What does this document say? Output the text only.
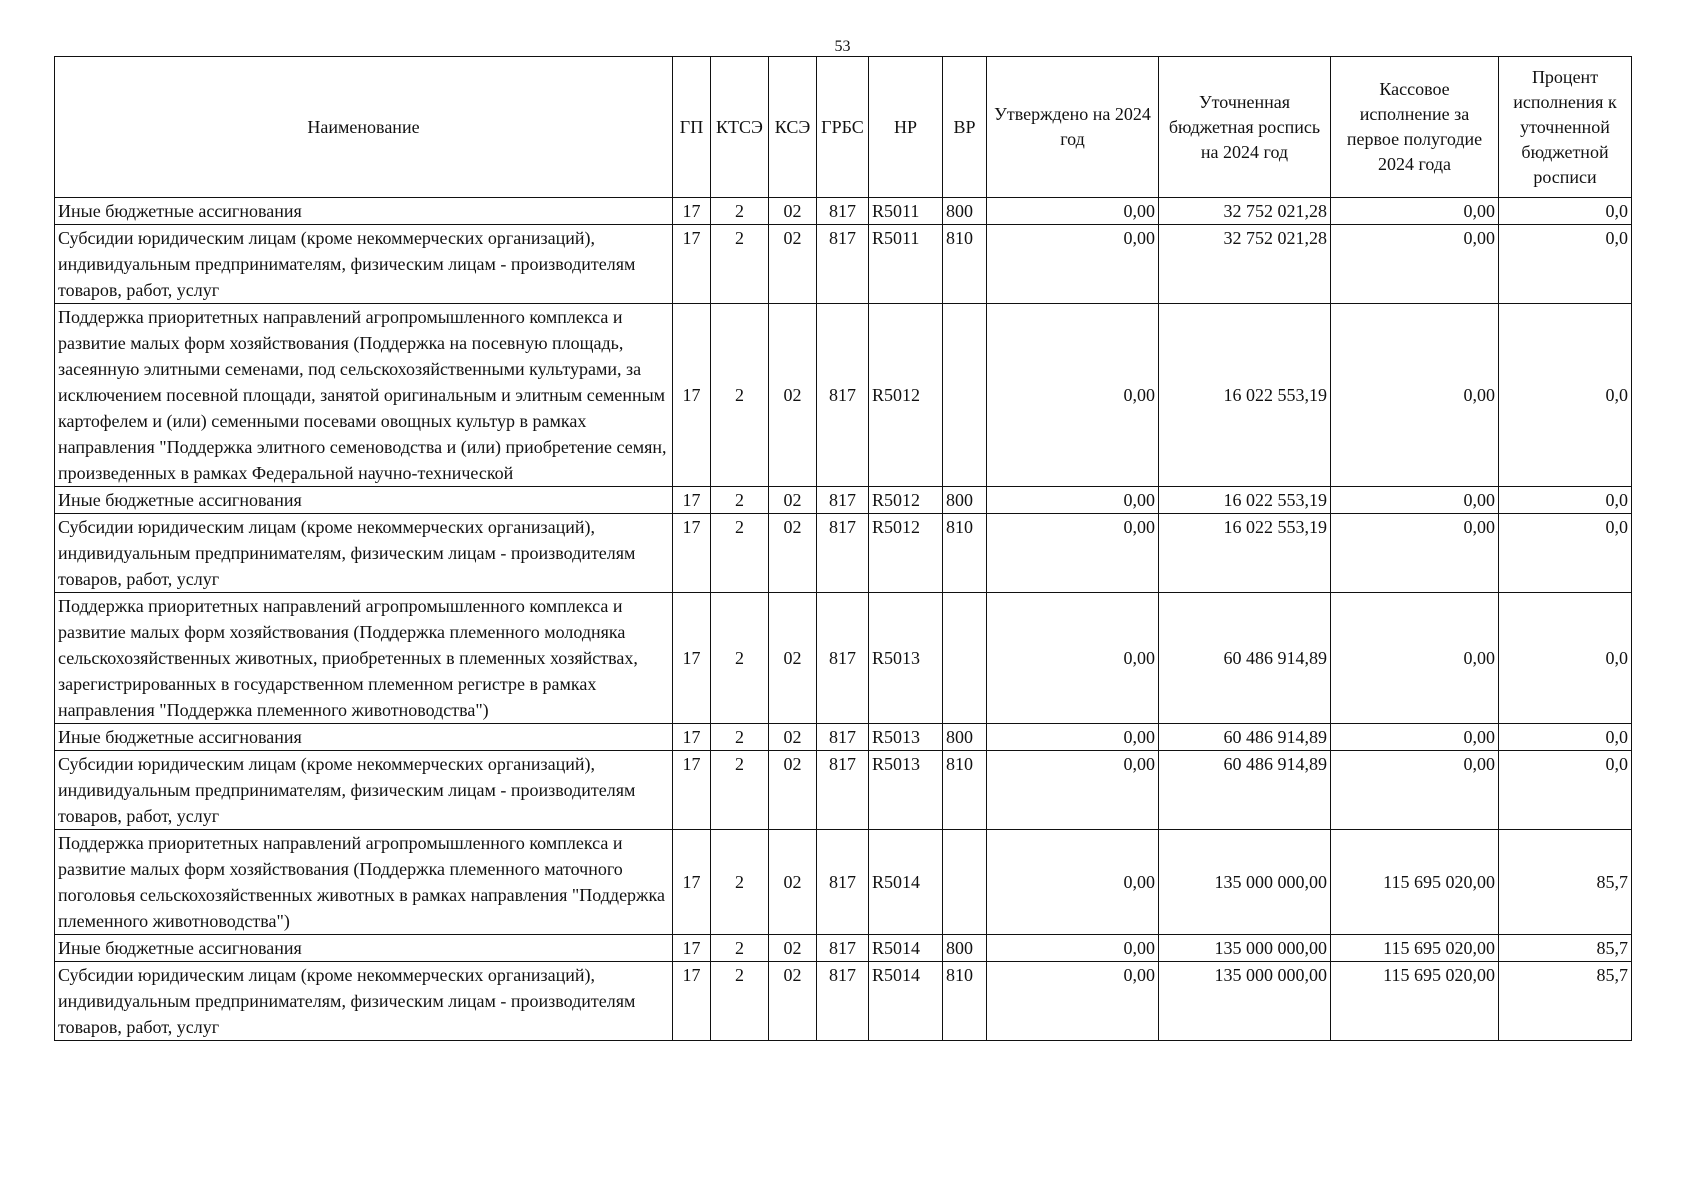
53
Наименование	ГП	КТСЭ	КСЭ	ГРБС	НР	ВР	Утверждено на 2024 год	Уточненная бюджетная роспись на 2024 год	Кассовое исполнение за первое полугодие 2024 года	Процент исполнения к уточненной бюджетной росписи
Иные бюджетные ассигнования	17	2	02	817	R5011	800	0,00	32 752 021,28	0,00	0,0
Субсидии юридическим лицам (кроме некоммерческих организаций), индивидуальным предпринимателям, физическим лицам - производителям товаров, работ, услуг	17	2	02	817	R5011	810	0,00	32 752 021,28	0,00	0,0
Поддержка приоритетных направлений агропромышленного комплекса и развитие малых форм хозяйствования (Поддержка на посевную площадь, засеянную элитными семенами, под сельскохозяйственными культурами, за исключением посевной площади, занятой оригинальным и элитным семенным картофелем и (или) семенными посевами овощных культур в рамках направления "Поддержка элитного семеноводства и (или) приобретение семян, произведенных в рамках Федеральной научно-технической	17	2	02	817	R5012		0,00	16 022 553,19	0,00	0,0
Иные бюджетные ассигнования	17	2	02	817	R5012	800	0,00	16 022 553,19	0,00	0,0
Субсидии юридическим лицам (кроме некоммерческих организаций), индивидуальным предпринимателям, физическим лицам - производителям товаров, работ, услуг	17	2	02	817	R5012	810	0,00	16 022 553,19	0,00	0,0
Поддержка приоритетных направлений агропромышленного комплекса и развитие малых форм хозяйствования (Поддержка племенного молодняка сельскохозяйственных животных, приобретенных в племенных хозяйствах, зарегистрированных в государственном племенном регистре в рамках направления "Поддержка племенного животноводства")	17	2	02	817	R5013		0,00	60 486 914,89	0,00	0,0
Иные бюджетные ассигнования	17	2	02	817	R5013	800	0,00	60 486 914,89	0,00	0,0
Субсидии юридическим лицам (кроме некоммерческих организаций), индивидуальным предпринимателям, физическим лицам - производителям товаров, работ, услуг	17	2	02	817	R5013	810	0,00	60 486 914,89	0,00	0,0
Поддержка приоритетных направлений агропромышленного комплекса и развитие малых форм хозяйствования (Поддержка племенного маточного поголовья сельскохозяйственных животных в рамках направления "Поддержка племенного животноводства")	17	2	02	817	R5014		0,00	135 000 000,00	115 695 020,00	85,7
Иные бюджетные ассигнования	17	2	02	817	R5014	800	0,00	135 000 000,00	115 695 020,00	85,7
Субсидии юридическим лицам (кроме некоммерческих организаций), индивидуальным предпринимателям, физическим лицам - производителям товаров, работ, услуг	17	2	02	817	R5014	810	0,00	135 000 000,00	115 695 020,00	85,7
